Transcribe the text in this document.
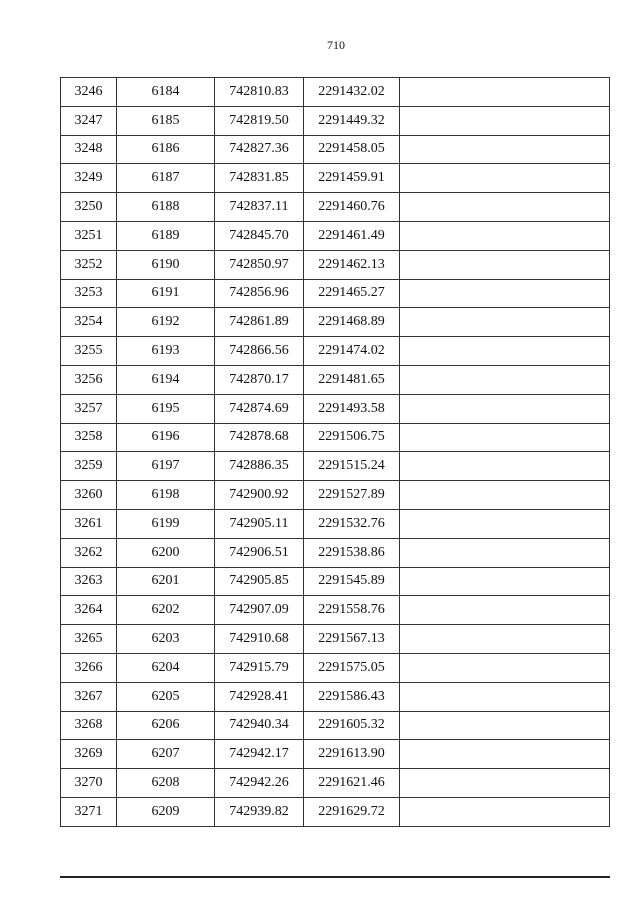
710
3246	6184	742810.83	2291432.02	
3247	6185	742819.50	2291449.32	
3248	6186	742827.36	2291458.05	
3249	6187	742831.85	2291459.91	
3250	6188	742837.11	2291460.76	
3251	6189	742845.70	2291461.49	
3252	6190	742850.97	2291462.13	
3253	6191	742856.96	2291465.27	
3254	6192	742861.89	2291468.89	
3255	6193	742866.56	2291474.02	
3256	6194	742870.17	2291481.65	
3257	6195	742874.69	2291493.58	
3258	6196	742878.68	2291506.75	
3259	6197	742886.35	2291515.24	
3260	6198	742900.92	2291527.89	
3261	6199	742905.11	2291532.76	
3262	6200	742906.51	2291538.86	
3263	6201	742905.85	2291545.89	
3264	6202	742907.09	2291558.76	
3265	6203	742910.68	2291567.13	
3266	6204	742915.79	2291575.05	
3267	6205	742928.41	2291586.43	
3268	6206	742940.34	2291605.32	
3269	6207	742942.17	2291613.90	
3270	6208	742942.26	2291621.46	
3271	6209	742939.82	2291629.72	
